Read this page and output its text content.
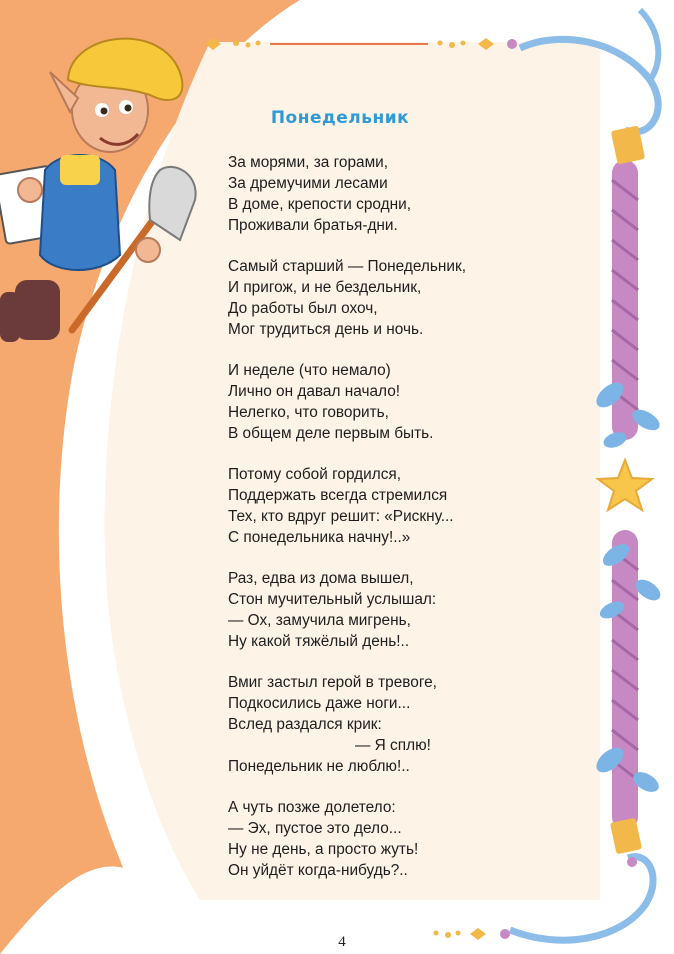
Понедельник
За морями, за горами,
За дремучими лесами
В доме, крепости сродни,
Проживали братья-дни.
Самый старший — Понедельник,
И пригож, и не бездельник,
До работы был охоч,
Мог трудиться день и ночь.
И неделе (что немало)
Лично он давал начало!
Нелегко, что говорить,
В общем деле первым быть.
Потому собой гордился,
Поддержать всегда стремился
Тех, кто вдруг решит: «Рискну...
С понедельника начну!..»
Раз, едва из дома вышел,
Стон мучительный услышал:
— Ох, замучила мигрень,
Ну какой тяжёлый день!..
Вмиг застыл герой в тревоге,
Подкосились даже ноги...
Вслед раздался крик:
— Я сплю!
Понедельник не люблю!..
А чуть позже долетело:
— Эх, пустое это дело...
Ну не день, а просто жуть!
Он уйдёт когда-нибудь?..
4
